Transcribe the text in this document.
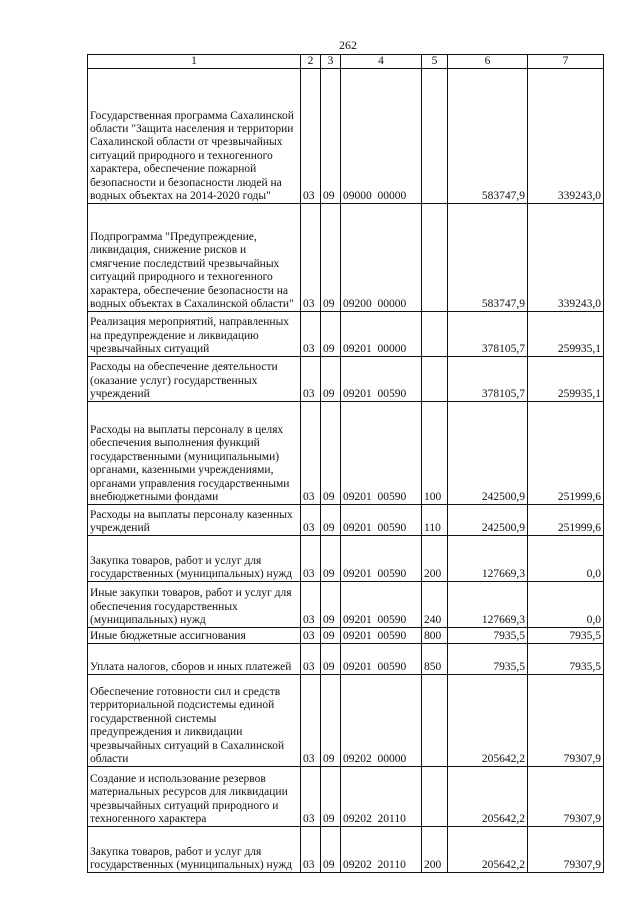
262
1	2	3	4	5	6	7
Государственная программа Сахалинской области "Защита населения и территории Сахалинской области от чрезвычайных ситуаций природного и техногенного характера, обеспечение пожарной безопасности и безопасности людей на водных объектах на 2014-2020 годы"	03	09	09000  00000		583747,9	339243,0
Подпрограмма "Предупреждение, ликвидация, снижение рисков и смягчение последствий чрезвычайных ситуаций природного и техногенного характера, обеспечение безопасности на водных объектах в Сахалинской области"	03	09	09200  00000		583747,9	339243,0
Реализация мероприятий, направленных на предупреждение и ликвидацию чрезвычайных ситуаций	03	09	09201  00000		378105,7	259935,1
Расходы на обеспечение деятельности (оказание услуг) государственных учреждений	03	09	09201  00590		378105,7	259935,1
Расходы на выплаты персоналу в целях обеспечения выполнения функций государственными (муниципальными) органами, казенными учреждениями, органами управления государственными внебюджетными фондами	03	09	09201  00590	100	242500,9	251999,6
Расходы на выплаты персоналу казенных учреждений	03	09	09201  00590	110	242500,9	251999,6
Закупка товаров, работ и услуг для государственных (муниципальных) нужд	03	09	09201  00590	200	127669,3	0,0
Иные закупки товаров, работ и услуг для обеспечения государственных (муниципальных) нужд	03	09	09201  00590	240	127669,3	0,0
Иные бюджетные ассигнования	03	09	09201  00590	800	7935,5	7935,5
Уплата налогов, сборов и иных платежей	03	09	09201  00590	850	7935,5	7935,5
Обеспечение готовности сил и средств территориальной подсистемы единой государственной системы предупреждения и ликвидации чрезвычайных ситуаций в Сахалинской области	03	09	09202  00000		205642,2	79307,9
Создание и использование резервов материальных ресурсов для ликвидации чрезвычайных ситуаций природного и техногенного характера	03	09	09202  20110		205642,2	79307,9
Закупка товаров, работ и услуг для государственных (муниципальных) нужд	03	09	09202  20110	200	205642,2	79307,9
